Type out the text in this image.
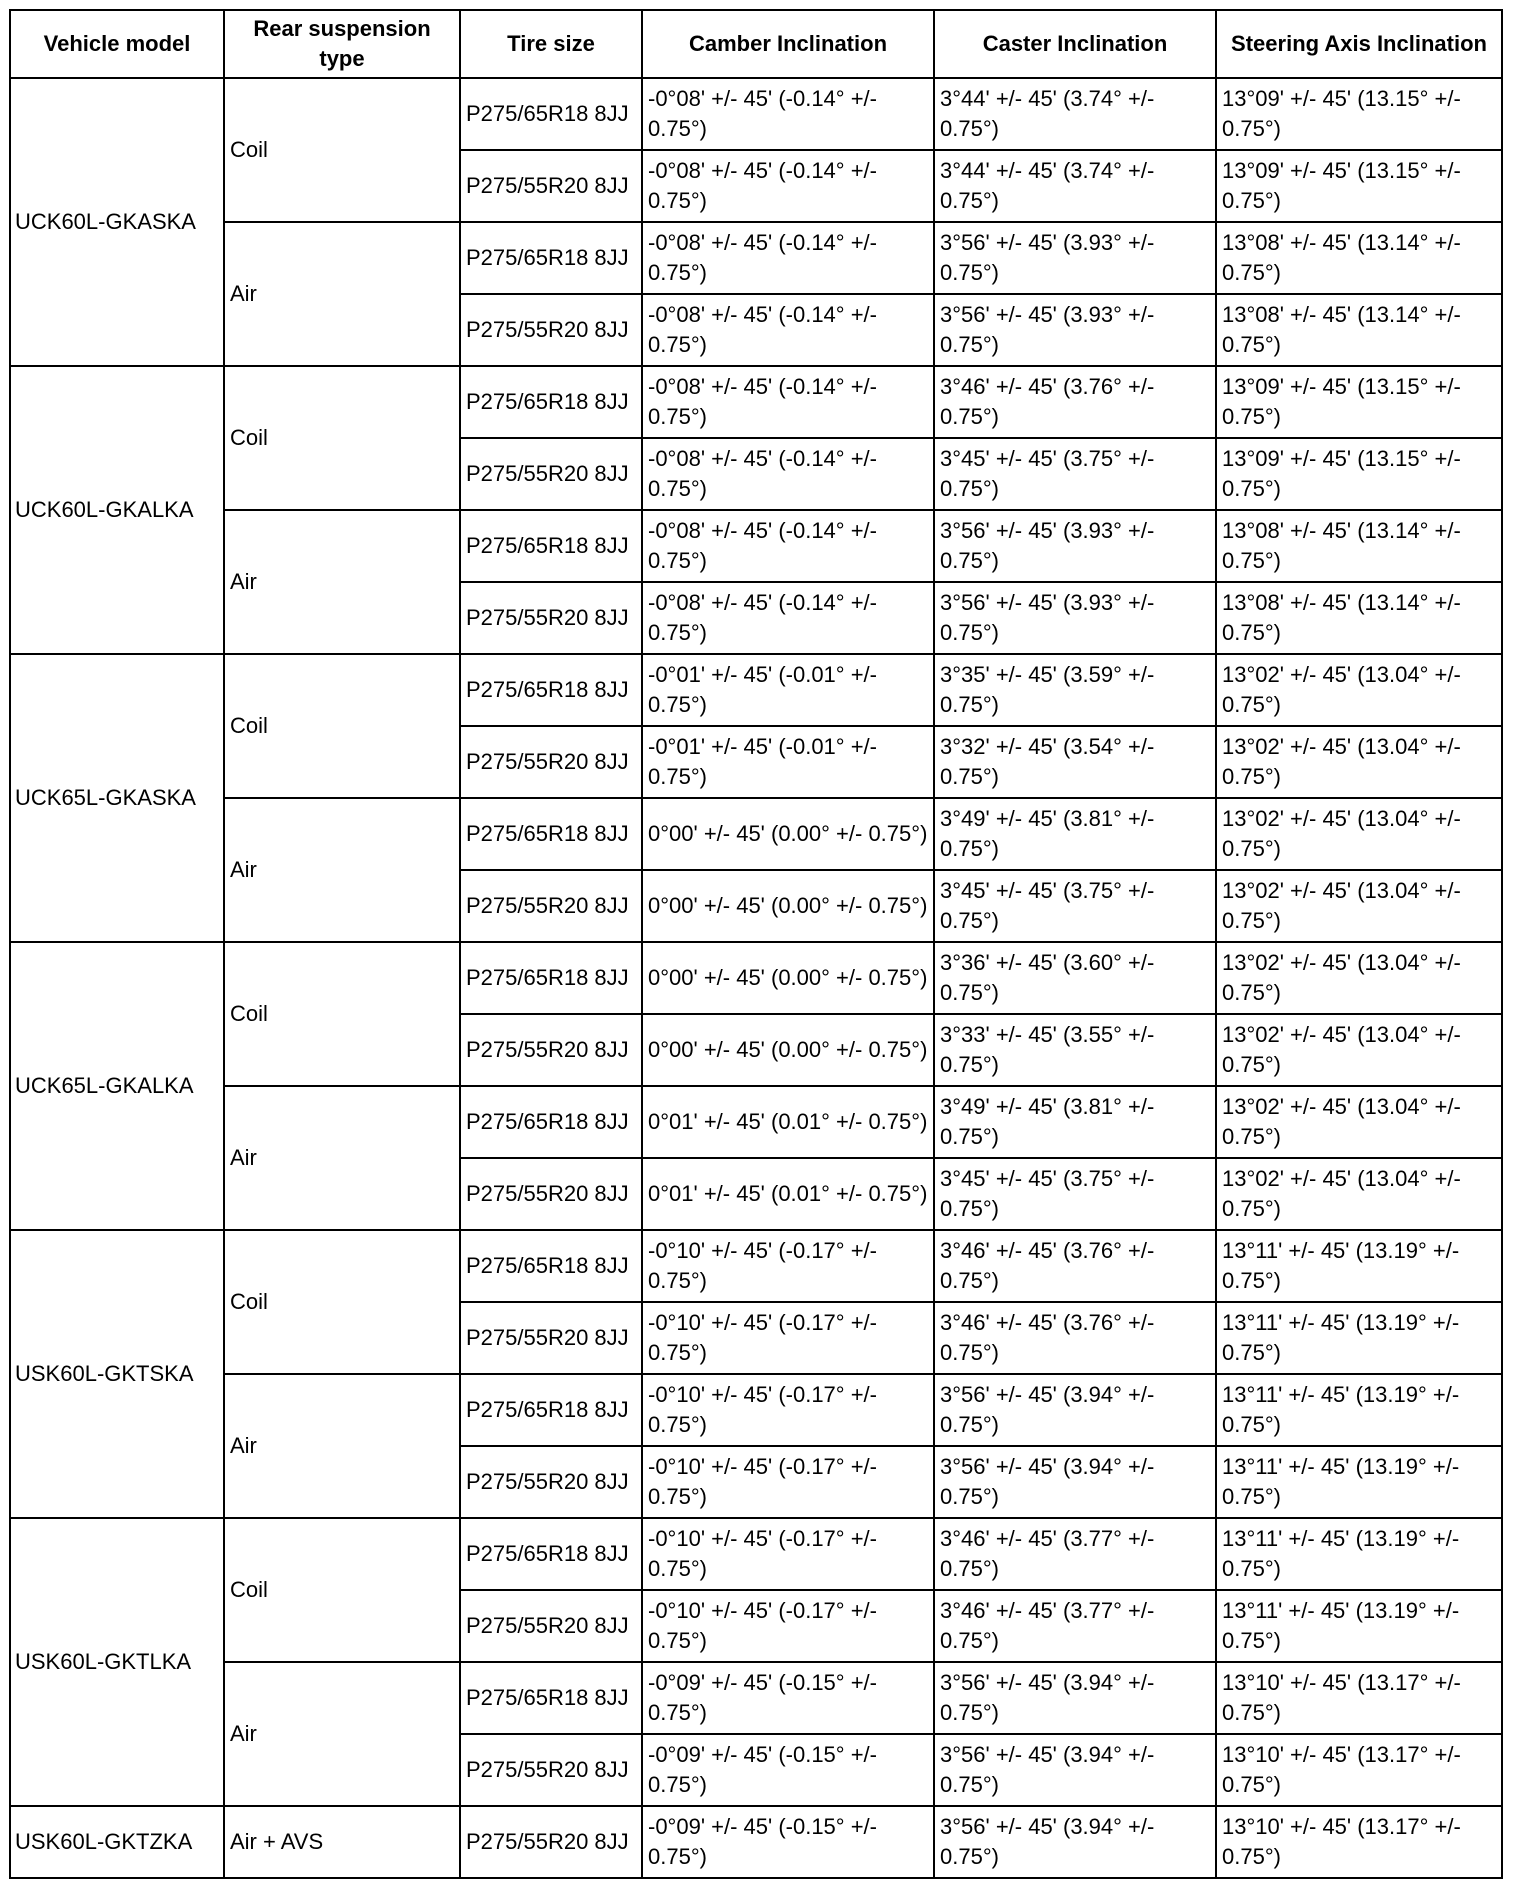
Vehicle model	Rear suspension type	Tire size	Camber Inclination	Caster Inclination	Steering Axis Inclination
UCK60L-GKASKA	Coil	P275/65R18 8JJ	-0°08' +/- 45' (-0.14° +/- 0.75°)	3°44' +/- 45' (3.74° +/- 0.75°)	13°09' +/- 45' (13.15° +/- 0.75°)
		P275/55R20 8JJ	-0°08' +/- 45' (-0.14° +/- 0.75°)	3°44' +/- 45' (3.74° +/- 0.75°)	13°09' +/- 45' (13.15° +/- 0.75°)
	Air	P275/65R18 8JJ	-0°08' +/- 45' (-0.14° +/- 0.75°)	3°56' +/- 45' (3.93° +/- 0.75°)	13°08' +/- 45' (13.14° +/- 0.75°)
		P275/55R20 8JJ	-0°08' +/- 45' (-0.14° +/- 0.75°)	3°56' +/- 45' (3.93° +/- 0.75°)	13°08' +/- 45' (13.14° +/- 0.75°)
UCK60L-GKALKA	Coil	P275/65R18 8JJ	-0°08' +/- 45' (-0.14° +/- 0.75°)	3°46' +/- 45' (3.76° +/- 0.75°)	13°09' +/- 45' (13.15° +/- 0.75°)
		P275/55R20 8JJ	-0°08' +/- 45' (-0.14° +/- 0.75°)	3°45' +/- 45' (3.75° +/- 0.75°)	13°09' +/- 45' (13.15° +/- 0.75°)
	Air	P275/65R18 8JJ	-0°08' +/- 45' (-0.14° +/- 0.75°)	3°56' +/- 45' (3.93° +/- 0.75°)	13°08' +/- 45' (13.14° +/- 0.75°)
		P275/55R20 8JJ	-0°08' +/- 45' (-0.14° +/- 0.75°)	3°56' +/- 45' (3.93° +/- 0.75°)	13°08' +/- 45' (13.14° +/- 0.75°)
UCK65L-GKASKA	Coil	P275/65R18 8JJ	-0°01' +/- 45' (-0.01° +/- 0.75°)	3°35' +/- 45' (3.59° +/- 0.75°)	13°02' +/- 45' (13.04° +/- 0.75°)
		P275/55R20 8JJ	-0°01' +/- 45' (-0.01° +/- 0.75°)	3°32' +/- 45' (3.54° +/- 0.75°)	13°02' +/- 45' (13.04° +/- 0.75°)
	Air	P275/65R18 8JJ	0°00' +/- 45' (0.00° +/- 0.75°)	3°49' +/- 45' (3.81° +/- 0.75°)	13°02' +/- 45' (13.04° +/- 0.75°)
		P275/55R20 8JJ	0°00' +/- 45' (0.00° +/- 0.75°)	3°45' +/- 45' (3.75° +/- 0.75°)	13°02' +/- 45' (13.04° +/- 0.75°)
UCK65L-GKALKA	Coil	P275/65R18 8JJ	0°00' +/- 45' (0.00° +/- 0.75°)	3°36' +/- 45' (3.60° +/- 0.75°)	13°02' +/- 45' (13.04° +/- 0.75°)
		P275/55R20 8JJ	0°00' +/- 45' (0.00° +/- 0.75°)	3°33' +/- 45' (3.55° +/- 0.75°)	13°02' +/- 45' (13.04° +/- 0.75°)
	Air	P275/65R18 8JJ	0°01' +/- 45' (0.01° +/- 0.75°)	3°49' +/- 45' (3.81° +/- 0.75°)	13°02' +/- 45' (13.04° +/- 0.75°)
		P275/55R20 8JJ	0°01' +/- 45' (0.01° +/- 0.75°)	3°45' +/- 45' (3.75° +/- 0.75°)	13°02' +/- 45' (13.04° +/- 0.75°)
USK60L-GKTSKA	Coil	P275/65R18 8JJ	-0°10' +/- 45' (-0.17° +/- 0.75°)	3°46' +/- 45' (3.76° +/- 0.75°)	13°11' +/- 45' (13.19° +/- 0.75°)
		P275/55R20 8JJ	-0°10' +/- 45' (-0.17° +/- 0.75°)	3°46' +/- 45' (3.76° +/- 0.75°)	13°11' +/- 45' (13.19° +/- 0.75°)
	Air	P275/65R18 8JJ	-0°10' +/- 45' (-0.17° +/- 0.75°)	3°56' +/- 45' (3.94° +/- 0.75°)	13°11' +/- 45' (13.19° +/- 0.75°)
		P275/55R20 8JJ	-0°10' +/- 45' (-0.17° +/- 0.75°)	3°56' +/- 45' (3.94° +/- 0.75°)	13°11' +/- 45' (13.19° +/- 0.75°)
USK60L-GKTLKA	Coil	P275/65R18 8JJ	-0°10' +/- 45' (-0.17° +/- 0.75°)	3°46' +/- 45' (3.77° +/- 0.75°)	13°11' +/- 45' (13.19° +/- 0.75°)
		P275/55R20 8JJ	-0°10' +/- 45' (-0.17° +/- 0.75°)	3°46' +/- 45' (3.77° +/- 0.75°)	13°11' +/- 45' (13.19° +/- 0.75°)
	Air	P275/65R18 8JJ	-0°09' +/- 45' (-0.15° +/- 0.75°)	3°56' +/- 45' (3.94° +/- 0.75°)	13°10' +/- 45' (13.17° +/- 0.75°)
		P275/55R20 8JJ	-0°09' +/- 45' (-0.15° +/- 0.75°)	3°56' +/- 45' (3.94° +/- 0.75°)	13°10' +/- 45' (13.17° +/- 0.75°)
USK60L-GKTZKA	Air + AVS	P275/55R20 8JJ	-0°09' +/- 45' (-0.15° +/- 0.75°)	3°56' +/- 45' (3.94° +/- 0.75°)	13°10' +/- 45' (13.17° +/- 0.75°)
